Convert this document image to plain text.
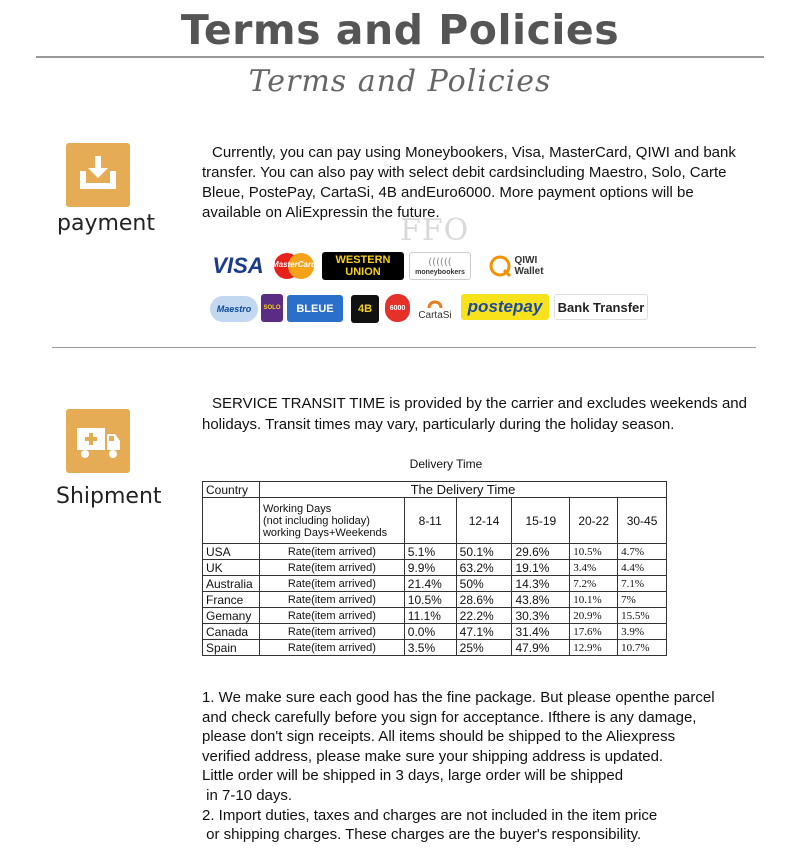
Terms and Policies
Terms and Policies
payment
Currently, you can pay using Moneybookers, Visa, MasterCard, QIWI and bank transfer. You can also pay with select debit cardsincluding Maestro, Solo, Carte Bleue, PostePay, CartaSi, 4B andEuro6000. More payment options will be available on AliExpressin the future.
FFO
VISA MasterCard WESTERN UNION
((((((
moneybookers
QIWI Wallet
Maestro SOLO BLEUE 4B	6000
CartaSi postepay Bank Transfer
Shipment
SERVICE TRANSIT TIME is provided by the carrier and excludes weekends and holidays. Transit times may vary, particularly during the holiday season.
Delivery Time
Country	The Delivery Time					

	Working Days
(not including holiday)
working Days+Weekends	8-11	12-14	15-19	20-22	30-45
USA	Rate(item arrived)	5.1%	50.1%	29.6%	10.5%	4.7%
UK	Rate(item arrived)	9.9%	63.2%	19.1%	3.4%	4.4%
Australia	Rate(item arrived)	21.4%	50%	14.3%	7.2%	7.1%
France	Rate(item arrived)	10.5%	28.6%	43.8%	10.1%	7%
Gemany	Rate(item arrived)	11.1%	22.2%	30.3%	20.9%	15.5%
Canada	Rate(item arrived)	0.0%	47.1%	31.4%	17.6%	3.9%
Spain	Rate(item arrived)	3.5%	25%	47.9%	12.9%	10.7%
1. We make sure each good has the fine package. But please openthe parcel
and check carefully before you sign for acceptance. Ifthere is any damage,
please don't sign receipts. All items should be shipped to the Aliexpress
verified address, please make sure your shipping address is updated.
Little order will be shipped in 3 days, large order will be shipped
in 7-10 days.
2. Import duties, taxes and charges are not included in the item price
or shipping charges. These charges are the buyer's responsibility.
